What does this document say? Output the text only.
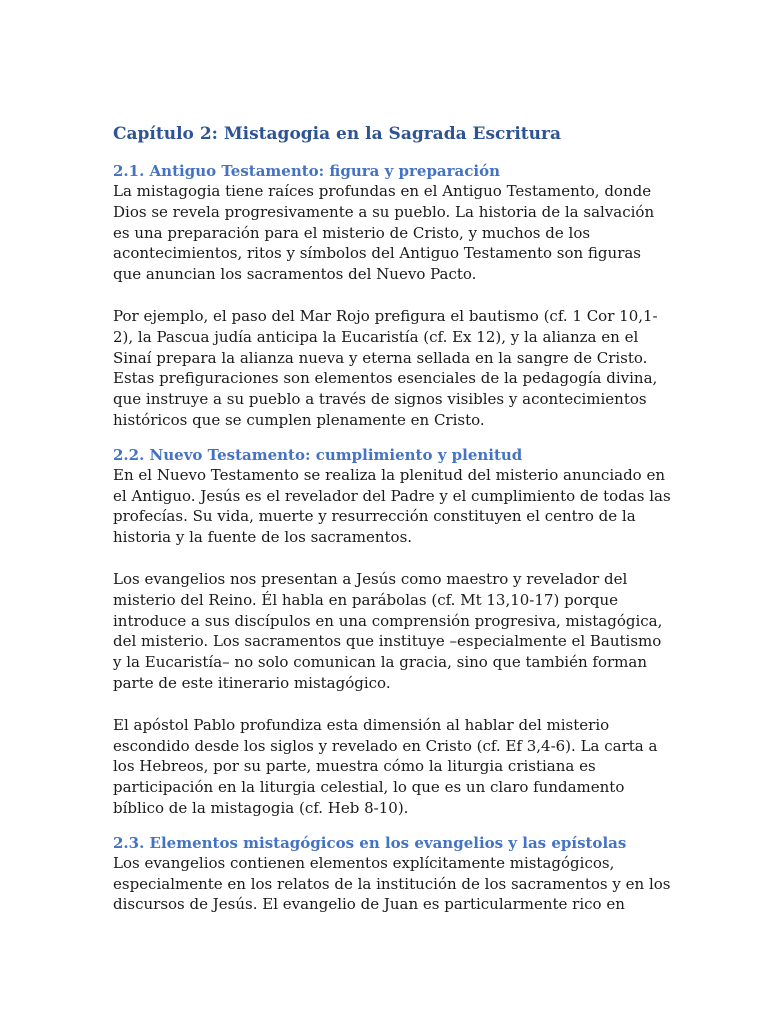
Capítulo 2: Mistagogia en la Sagrada Escritura
2.1. Antiguo Testamento: figura y preparación

La mistagogia tiene raíces profundas en el Antiguo Testamento, donde Dios se revela progresivamente a su pueblo. La historia de la salvación es una preparación para el misterio de Cristo, y muchos de los acontecimientos, ritos y símbolos del Antiguo Testamento son figuras que anuncian los sacramentos del Nuevo Pacto.

Por ejemplo, el paso del Mar Rojo prefigura el bautismo (cf. 1 Cor 10,1-2), la Pascua judía anticipa la Eucaristía (cf. Ex 12), y la alianza en el Sinaí prepara la alianza nueva y eterna sellada en la sangre de Cristo. Estas prefiguraciones son elementos esenciales de la pedagogía divina, que instruye a su pueblo a través de signos visibles y acontecimientos históricos que se cumplen plenamente en Cristo.

2.2. Nuevo Testamento: cumplimiento y plenitud

En el Nuevo Testamento se realiza la plenitud del misterio anunciado en el Antiguo. Jesús es el revelador del Padre y el cumplimiento de todas las profecías. Su vida, muerte y resurrección constituyen el centro de la historia y la fuente de los sacramentos.

Los evangelios nos presentan a Jesús como maestro y revelador del misterio del Reino. Él habla en parábolas (cf. Mt 13,10-17) porque introduce a sus discípulos en una comprensión progresiva, mistagógica, del misterio. Los sacramentos que instituye –especialmente el Bautismo y la Eucaristía– no solo comunican la gracia, sino que también forman parte de este itinerario mistagógico.

El apóstol Pablo profundiza esta dimensión al hablar del misterio escondido desde los siglos y revelado en Cristo (cf. Ef 3,4-6). La carta a los Hebreos, por su parte, muestra cómo la liturgia cristiana es participación en la liturgia celestial, lo que es un claro fundamento bíblico de la mistagogia (cf. Heb 8-10).

2.3. Elementos mistagógicos en los evangelios y las epístolas

Los evangelios contienen elementos explícitamente mistagógicos, especialmente en los relatos de la institución de los sacramentos y en los discursos de Jesús. El evangelio de Juan es particularmente rico en
